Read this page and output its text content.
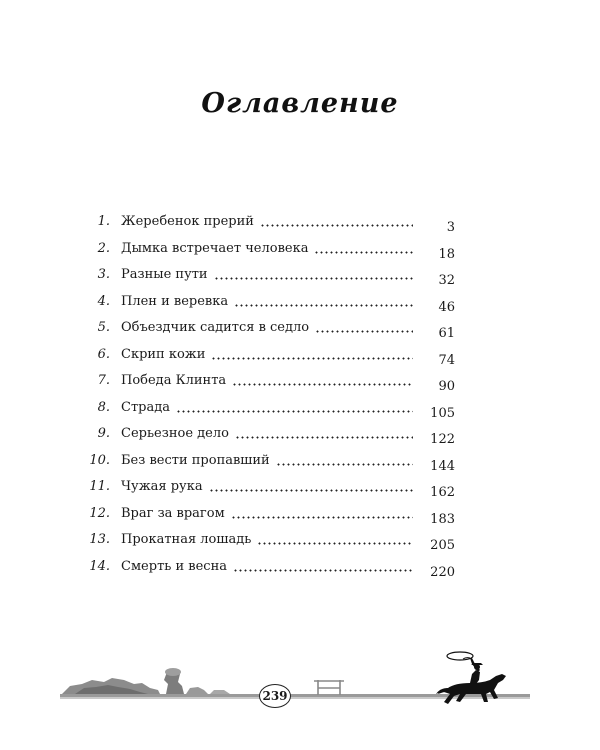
Оглавление
1. Жеребенок прерий	3
2. Дымка встречает человека	18
3. Разные пути	32
4. Плен и веревка	46
5. Объездчик садится в седло	61
6. Скрип кожи	74
7. Победа Клинта	90
8. Страда	105
9. Серьезное дело	122
10. Без вести пропавший	144
11. Чужая рука	162
12. Враг за врагом	183
13. Прокатная лошадь	205
14. Смерть и весна	220
239
